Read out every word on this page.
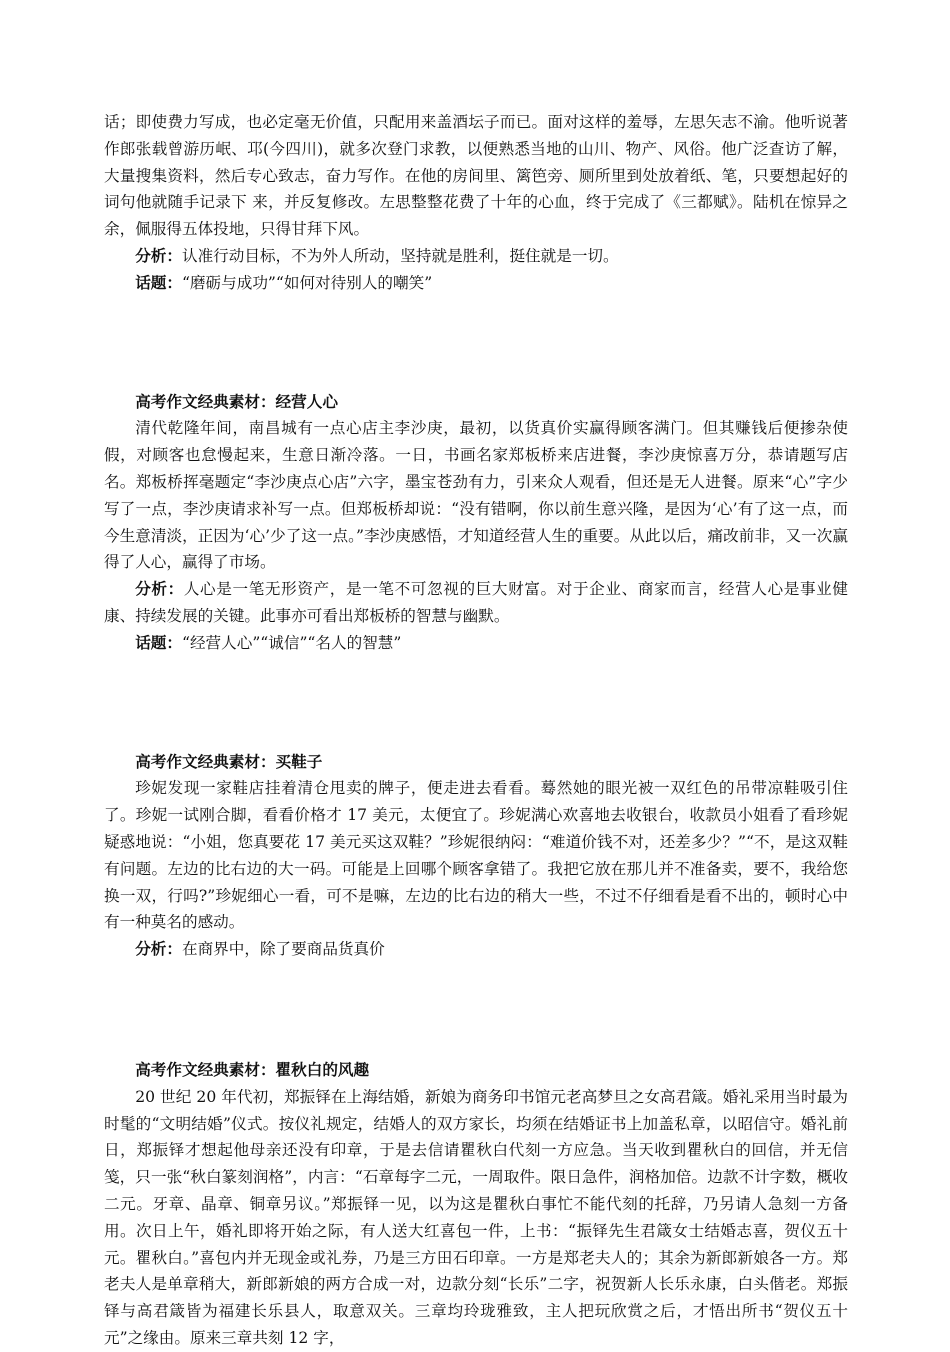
话；即使费力写成，也必定毫无价值，只配用来盖酒坛子而已。面对这样的羞辱，左思矢志不渝。他听说著作郎张载曾游历岷、邛(今四川)，就多次登门求教，以便熟悉当地的山川、物产、风俗。他广泛查访了解，大量搜集资料，然后专心致志，奋力写作。在他的房间里、篱笆旁、厕所里到处放着纸、笔，只要想起好的词句他就随手记录下 来，并反复修改。左思整整花费了十年的心血，终于完成了《三都赋》。陆机在惊异之余，佩服得五体投地，只得甘拜下风。

分析：认准行动目标，不为外人所动，坚持就是胜利，挺住就是一切。

话题：“磨砺与成功”“如何对待别人的嘲笑”

高考作文经典素材：经营人心

清代乾隆年间，南昌城有一点心店主李沙庚，最初，以货真价实赢得顾客满门。但其赚钱后便掺杂使假，对顾客也怠慢起来，生意日渐冷落。一日，书画名家郑板桥来店进餐，李沙庚惊喜万分，恭请题写店名。郑板桥挥毫题定“李沙庚点心店”六字，墨宝苍劲有力，引来众人观看，但还是无人进餐。原来“心”字少写了一点，李沙庚请求补写一点。但郑板桥却说：“没有错啊，你以前生意兴隆，是因为‘心’有了这一点，而今生意清淡，正因为‘心’少了这一点。”李沙庚感悟，才知道经营人生的重要。从此以后，痛改前非，又一次赢得了人心，赢得了市场。

分析：人心是一笔无形资产，是一笔不可忽视的巨大财富。对于企业、商家而言，经营人心是事业健康、持续发展的关键。此事亦可看出郑板桥的智慧与幽默。

话题：“经营人心”“诚信”“名人的智慧”

高考作文经典素材：买鞋子

珍妮发现一家鞋店挂着清仓甩卖的牌子，便走进去看看。蓦然她的眼光被一双红色的吊带凉鞋吸引住了。珍妮一试刚合脚，看看价格才 17 美元，太便宜了。珍妮满心欢喜地去收银台，收款员小姐看了看珍妮疑惑地说：“小姐，您真要花 17 美元买这双鞋？”珍妮很纳闷：“难道价钱不对，还差多少？”“不，是这双鞋有问题。左边的比右边的大一码。可能是上回哪个顾客拿错了。我把它放在那儿并不准备卖，要不，我给您换一双，行吗?”珍妮细心一看，可不是嘛，左边的比右边的稍大一些，不过不仔细看是看不出的，顿时心中有一种莫名的感动。

分析：在商界中，除了要商品货真价

高考作文经典素材：瞿秋白的风趣

20 世纪 20 年代初，郑振铎在上海结婚，新娘为商务印书馆元老高梦旦之女高君箴。婚礼采用当时最为时髦的“文明结婚”仪式。按仪礼规定，结婚人的双方家长，均须在结婚证书上加盖私章，以昭信守。婚礼前日，郑振铎才想起他母亲还没有印章，于是去信请瞿秋白代刻一方应急。当天收到瞿秋白的回信，并无信笺，只一张“秋白篆刻润格”，内言：“石章每字二元，一周取件。限日急件，润格加倍。边款不计字数，概收二元。牙章、晶章、铜章另议。”郑振铎一见，以为这是瞿秋白事忙不能代刻的托辞，乃另请人急刻一方备用。次日上午，婚礼即将开始之际，有人送大红喜包一件，上书：“振铎先生君箴女士结婚志喜，贺仪五十元。瞿秋白。”喜包内并无现金或礼券，乃是三方田石印章。一方是郑老夫人的；其余为新郎新娘各一方。郑老夫人是单章稍大，新郎新娘的两方合成一对，边款分刻“长乐”二字，祝贺新人长乐永康，白头偕老。郑振铎与高君箴皆为福建长乐县人，取意双关。三章均玲珑雅致，主人把玩欣赏之后，才悟出所书“贺仪五十元”之缘由。原来三章共刻 12 字，
